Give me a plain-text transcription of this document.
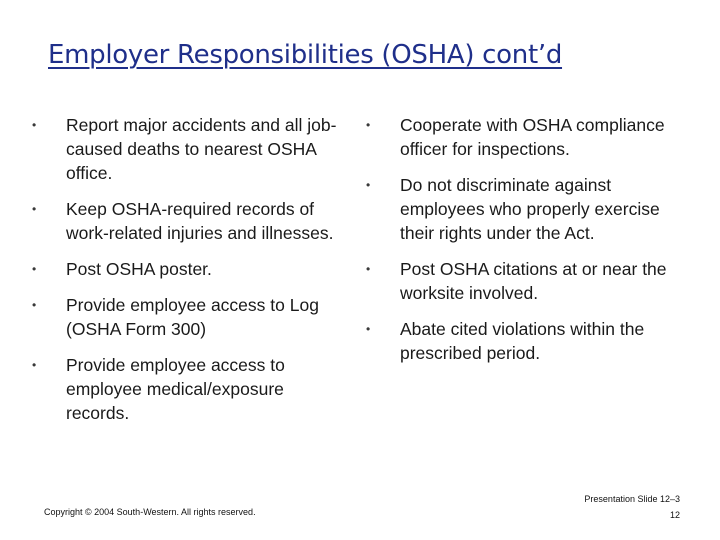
Employer Responsibilities (OSHA) cont’d
•	Report major accidents and all job-caused deaths to nearest OSHA office.
•	Keep OSHA-required records of work-related injuries and illnesses.
•	Post OSHA poster.
•	Provide employee access to Log (OSHA Form 300)
•	Provide employee access to employee medical/exposure records.
•	Cooperate with OSHA compliance officer for inspections.
•	Do not discriminate against employees who properly exercise their rights under the Act.
•	Post OSHA citations at or near the worksite involved.
•	Abate cited violations within the prescribed period.
Copyright © 2004 South-Western. All rights reserved.
Presentation Slide 12–3
12
